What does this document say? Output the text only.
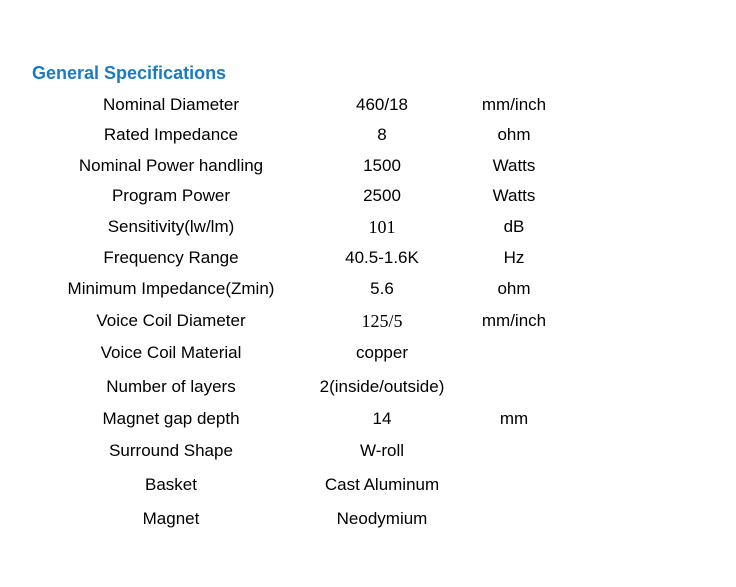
General Specifications
Nominal Diameter	460/18	mm/inch
Rated Impedance	8	ohm
Nominal Power handling	1500	Watts
Program Power	2500	Watts
Sensitivity(lw/lm)	101	dB
Frequency Range	40.5-1.6K	Hz
Minimum Impedance(Zmin)	5.6	ohm
Voice Coil Diameter	125/5	mm/inch
Voice Coil Material	copper
Number of layers	2(inside/outside)
Magnet gap depth	14	mm
Surround Shape	W-roll
Basket	Cast Aluminum
Magnet	Neodymium
